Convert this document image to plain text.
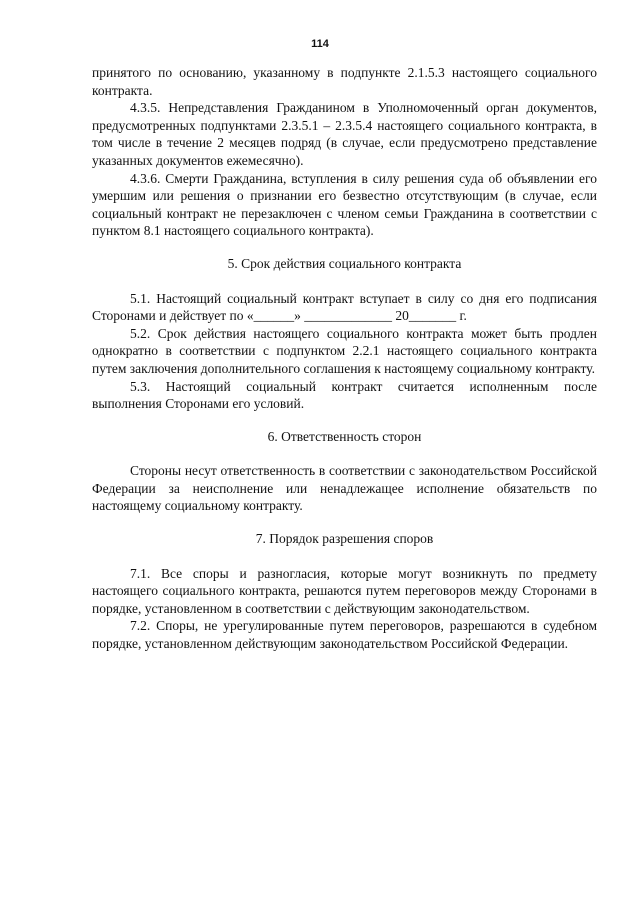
114

принятого по основанию, указанному в подпункте 2.1.5.3 настоящего социального контракта.

4.3.5. Непредставления Гражданином в Уполномоченный орган документов, предусмотренных подпунктами 2.3.5.1 – 2.3.5.4 настоящего социального контракта, в том числе в течение 2 месяцев подряд (в случае, если предусмотрено представление указанных документов ежемесячно).

4.3.6. Смерти Гражданина, вступления в силу решения суда об объявлении его умершим или решения о признании его безвестно отсутствующим (в случае, если социальный контракт не перезаключен с членом семьи Гражданина в соответствии с пунктом 8.1 настоящего социального контракта).

5. Срок действия социального контракта

5.1. Настоящий социальный контракт вступает в силу со дня его подписания Сторонами и действует по «______» _____________ 20_______ г.

5.2. Срок действия настоящего социального контракта может быть продлен однократно в соответствии с подпунктом 2.2.1 настоящего социального контракта путем заключения дополнительного соглашения к настоящему социальному контракту.

5.3. Настоящий социальный контракт считается исполненным после выполнения Сторонами его условий.

6. Ответственность сторон

Стороны несут ответственность в соответствии с законодательством Российской Федерации за неисполнение или ненадлежащее исполнение обязательств по настоящему социальному контракту.

7. Порядок разрешения споров

7.1. Все споры и разногласия, которые могут возникнуть по предмету настоящего социального контракта, решаются путем переговоров между Сторонами в порядке, установленном в соответствии с действующим законодательством.

7.2. Споры, не урегулированные путем переговоров, разрешаются в судебном порядке, установленном действующим законодательством Российской Федерации.
